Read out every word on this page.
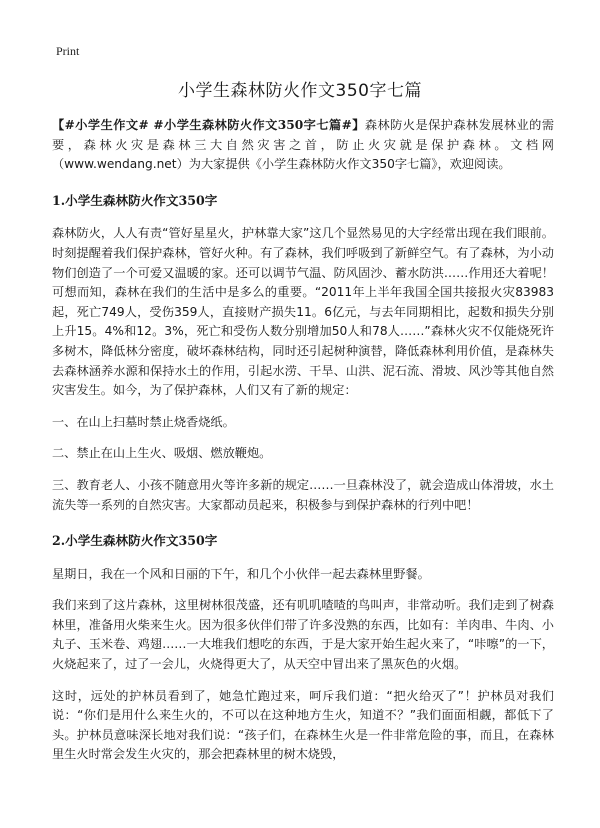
Print
小学生森林防火作文350字七篇

【#小学生作文# #小学生森林防火作文350字七篇#】森林防火是保护森林发展林业的需要，森林火灾是森林三大自然灾害之首，防止火灾就是保护森林。文档网（www.wendang.net）为大家提供《小学生森林防火作文350字七篇》，欢迎阅读。

1.小学生森林防火作文350字

森林防火，人人有责“管好星星火，护林靠大家”这几个显然易见的大字经常出现在我们眼前。时刻提醒着我们保护森林，管好火种。有了森林，我们呼吸到了新鲜空气。有了森林，为小动物们创造了一个可爱又温暖的家。还可以调节气温、防风固沙、蓄水防洪……作用还大着呢！可想而知，森林在我们的生活中是多么的重要。“2011年上半年我国全国共接报火灾83983起，死亡749人，受伤359人，直接财产损失11。6亿元，与去年同期相比，起数和损失分别上升15。4%和12。3%，死亡和受伤人数分别增加50人和78人……”森林火灾不仅能烧死许多树木，降低林分密度，破坏森林结构，同时还引起树种演替，降低森林利用价值，是森林失去森林涵养水源和保持水土的作用，引起水涝、干旱、山洪、泥石流、滑坡、风沙等其他自然灾害发生。如今，为了保护森林，人们又有了新的规定：

一、在山上扫墓时禁止烧香烧纸。

二、禁止在山上生火、吸烟、燃放鞭炮。

三、教育老人、小孩不随意用火等许多新的规定……一旦森林没了，就会造成山体滑坡，水土流失等一系列的自然灾害。大家都动员起来，积极参与到保护森林的行列中吧！

2.小学生森林防火作文350字

星期日，我在一个风和日丽的下午，和几个小伙伴一起去森林里野餐。

我们来到了这片森林，这里树林很茂盛，还有叽叽喳喳的鸟叫声，非常动听。我们走到了树森林里，准备用火柴来生火。因为很多伙伴们带了许多没熟的东西，比如有：羊肉串、牛肉、小丸子、玉米卷、鸡翅……一大堆我们想吃的东西，于是大家开始生起火来了，“咔嚓”的一下，火烧起来了，过了一会儿，火烧得更大了，从天空中冒出来了黑灰色的火烟。

这时，远处的护林员看到了，她急忙跑过来，呵斥我们道：“把火给灭了”！护林员对我们说：“你们是用什么来生火的，不可以在这种地方生火，知道不？”我们面面相觑，都低下了头。护林员意味深长地对我们说：“孩子们，在森林生火是一件非常危险的事，而且，在森林里生火时常会发生火灾的，那会把森林里的树木烧毁，
